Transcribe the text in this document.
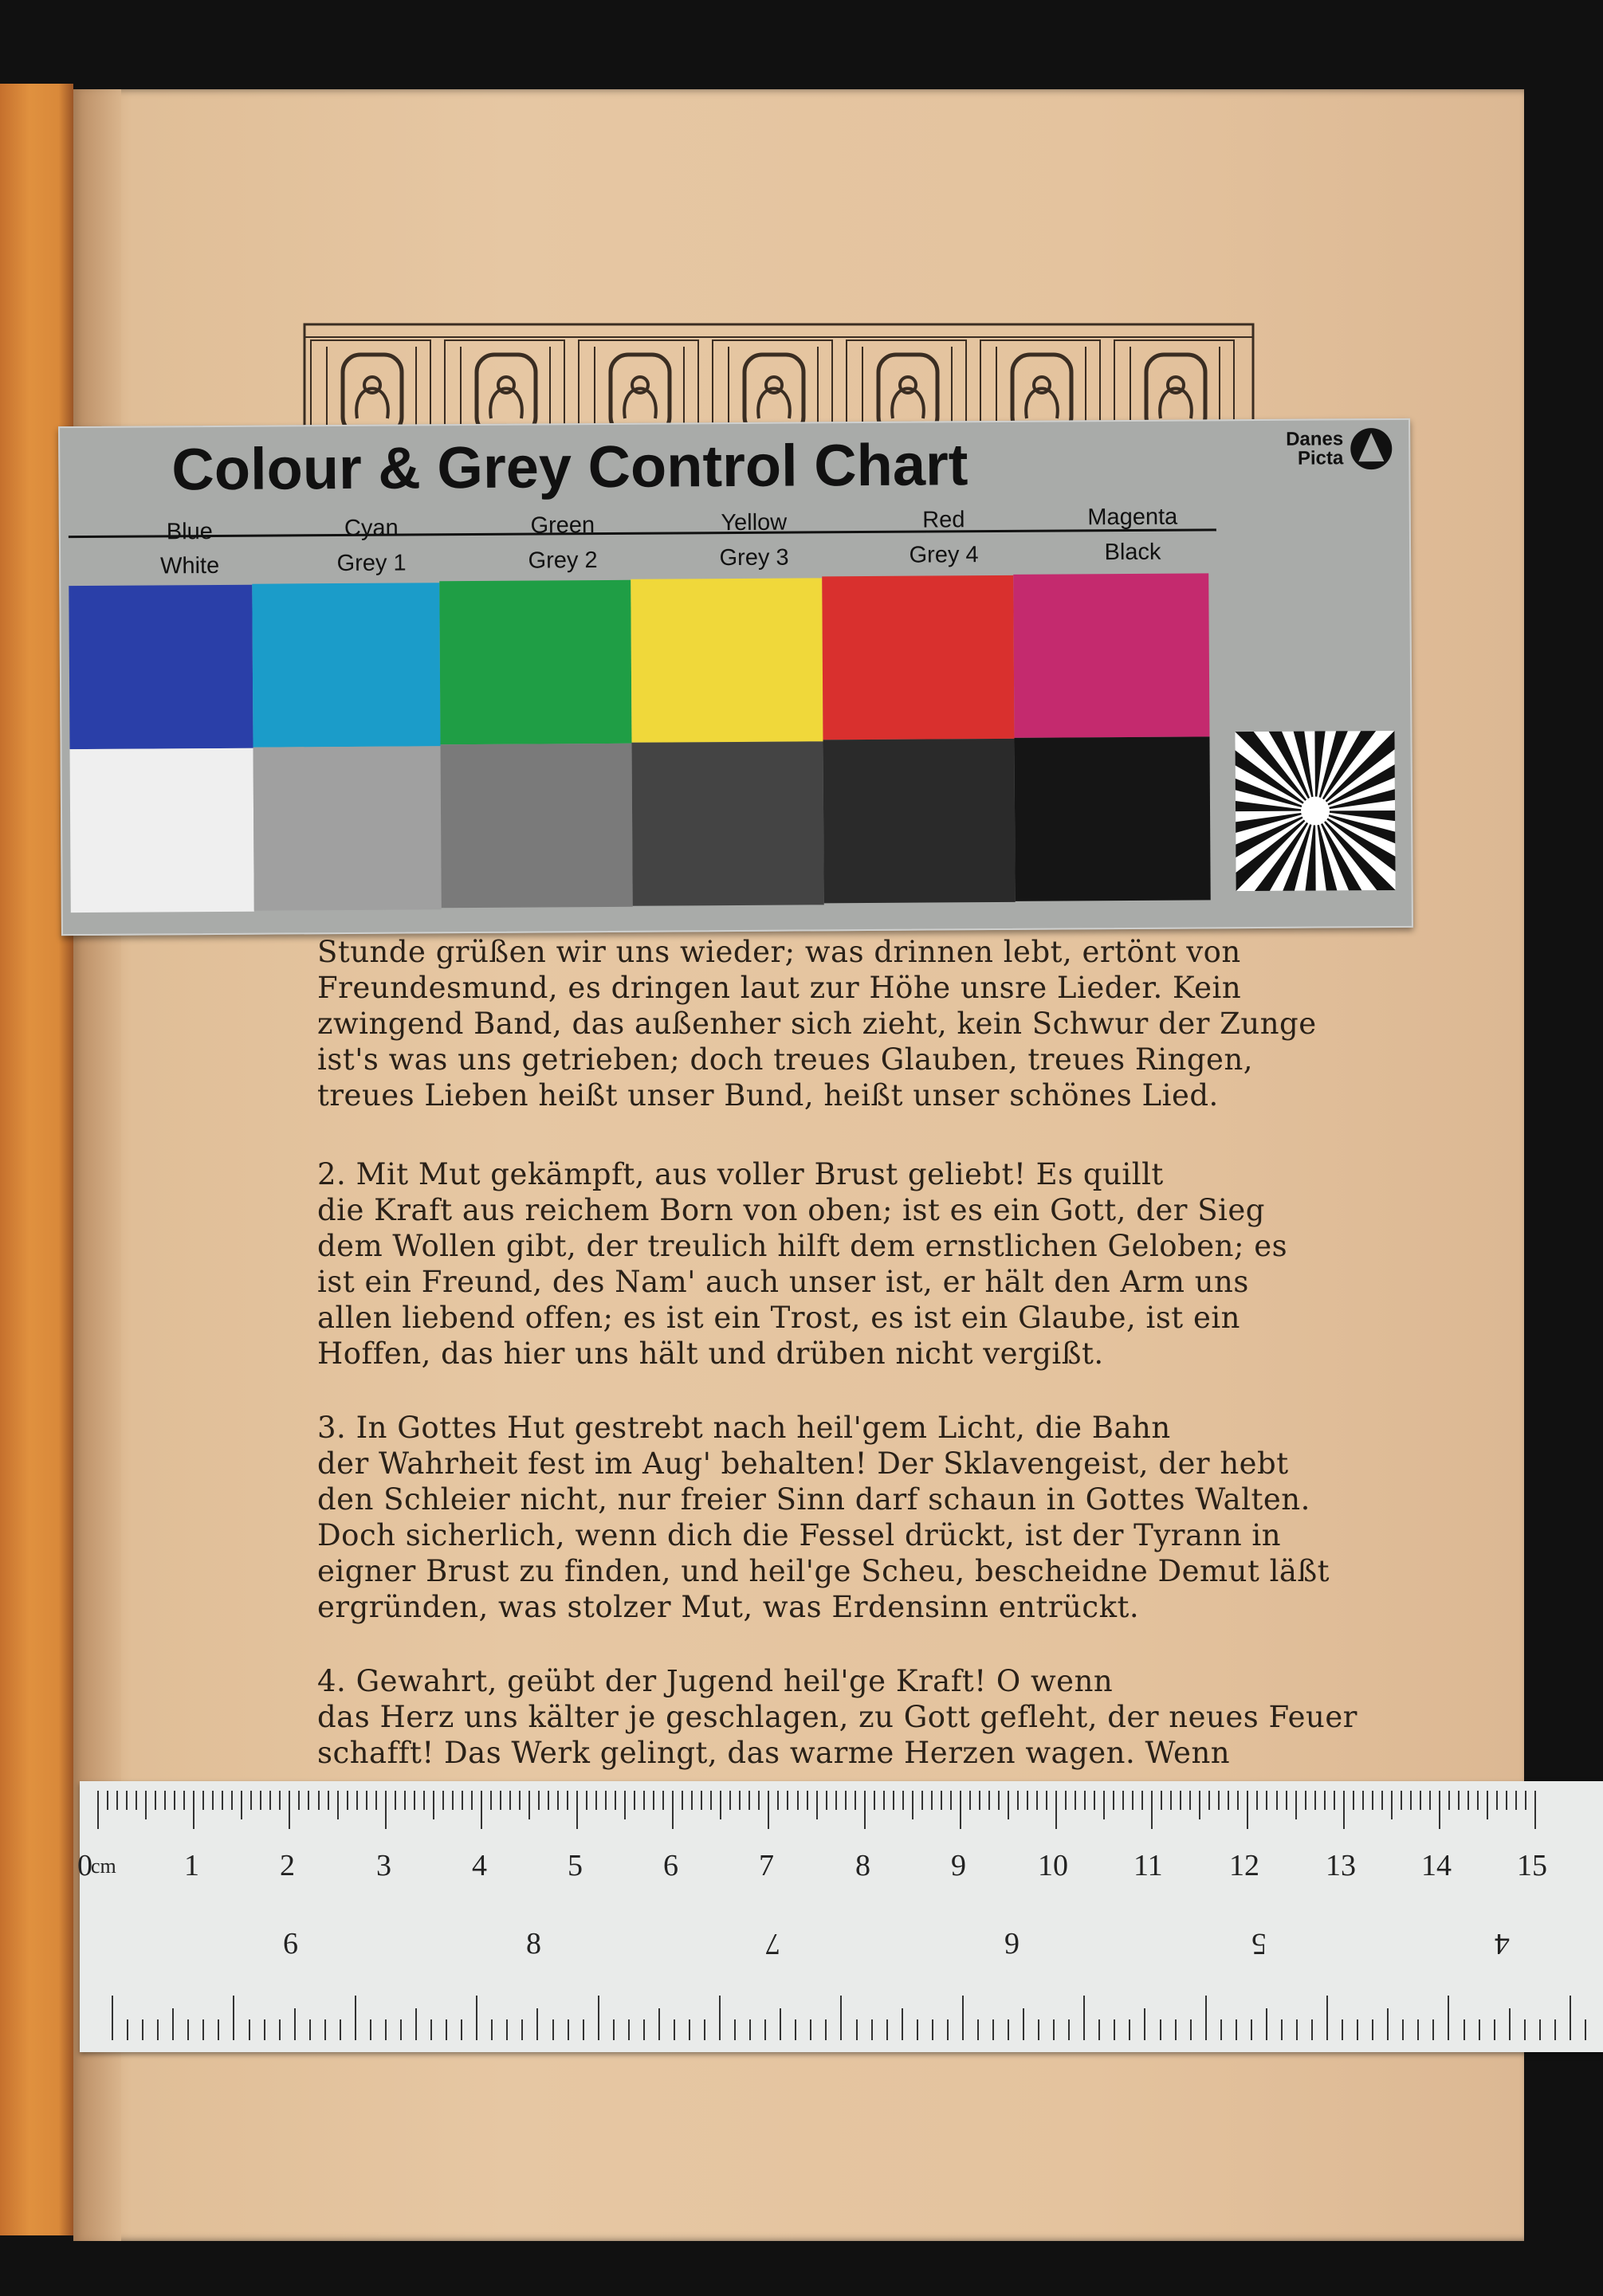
Stunde grüßen wir uns wieder; was drinnen lebt, ertönt von
Freundesmund, es dringen laut zur Höhe unsre Lieder. Kein
zwingend Band, das außenher sich zieht, kein Schwur der Zunge
ist's was uns getrieben; doch treues Glauben, treues Ringen,
treues Lieben heißt unser Bund, heißt unser schönes Lied.
2. Mit Mut gekämpft, aus voller Brust geliebt! Es quillt
die Kraft aus reichem Born von oben; ist es ein Gott, der Sieg
dem Wollen gibt, der treulich hilft dem ernstlichen Geloben; es
ist ein Freund, des Nam' auch unser ist, er hält den Arm uns
allen liebend offen; es ist ein Trost, es ist ein Glaube, ist ein
Hoffen, das hier uns hält und drüben nicht vergißt.
3. In Gottes Hut gestrebt nach heil'gem Licht, die Bahn
der Wahrheit fest im Aug' behalten! Der Sklavengeist, der hebt
den Schleier nicht, nur freier Sinn darf schaun in Gottes Walten.
Doch sicherlich, wenn dich die Fessel drückt, ist der Tyrann in
eigner Brust zu finden, und heil'ge Scheu, bescheidne Demut läßt
ergründen, was stolzer Mut, was Erdensinn entrückt.
4. Gewahrt, geübt der Jugend heil'ge Kraft! O wenn
das Herz uns kälter je geschlagen, zu Gott gefleht, der neues Feuer
schafft! Das Werk gelingt, das warme Herzen wagen. Wenn
Colour & Grey Control Chart	Danes
Picta
Blue	Cyan	Green	Yellow	Red	Magenta
White	Grey 1	Grey 2	Grey 3	Grey 4	Black
cm
0	1	2	3	4	5	6	7	8	9 10 11 12 13 14 15
6	8	7	9	5	4
